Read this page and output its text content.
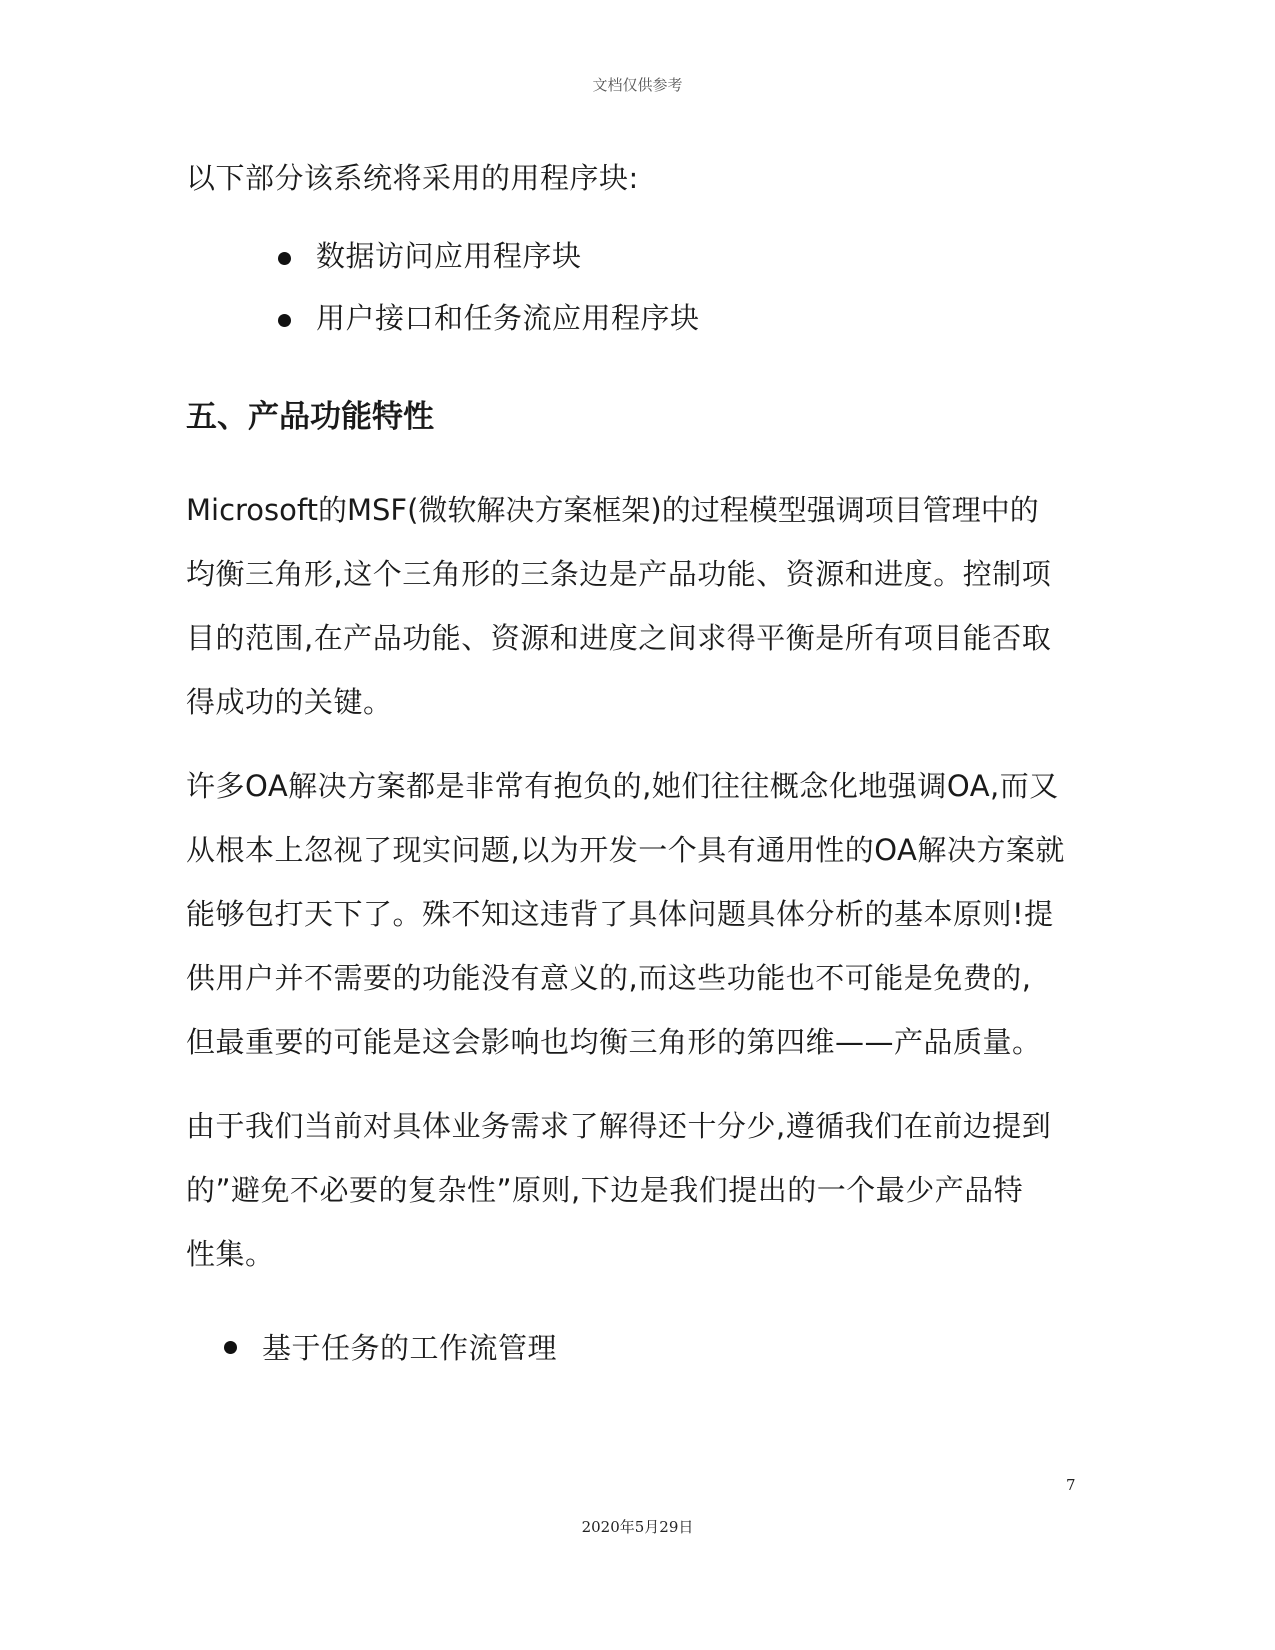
文档仅供参考
以下部分该系统将采用的用程序块:
数据访问应用程序块
用户接口和任务流应用程序块
五、产品功能特性
Microsoft的MSF(微软解决方案框架)的过程模型强调项目管理中的
均衡三角形,这个三角形的三条边是产品功能、资源和进度。控制项
目的范围,在产品功能、资源和进度之间求得平衡是所有项目能否取
得成功的关键。
许多OA解决方案都是非常有抱负的,她们往往概念化地强调OA,而又
从根本上忽视了现实问题,以为开发一个具有通用性的OA解决方案就
能够包打天下了。殊不知这违背了具体问题具体分析的基本原则!提
供用户并不需要的功能没有意义的,而这些功能也不可能是免费的,
但最重要的可能是这会影响也均衡三角形的第四维——产品质量。
由于我们当前对具体业务需求了解得还十分少,遵循我们在前边提到
的”避免不必要的复杂性”原则,下边是我们提出的一个最少产品特
性集。
基于任务的工作流管理
7
2020年5月29日
